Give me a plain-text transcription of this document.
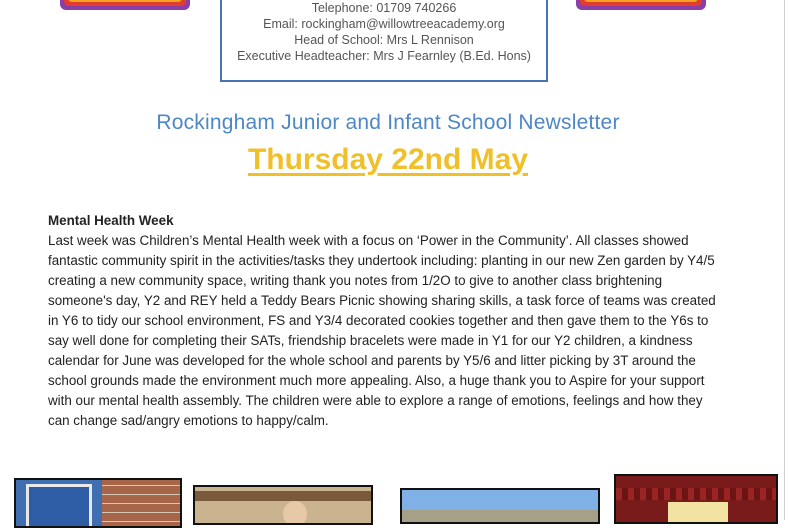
Telephone: 01709 740266
Email: rockingham@willowtreeacademy.org
Head of School: Mrs L Rennison
Executive Headteacher: Mrs J Fearnley (B.Ed. Hons)
Rockingham Junior and Infant School Newsletter
Thursday 22nd May
Mental Health Week

Last week was Children’s Mental Health week with a focus on ‘Power in the Community’. All classes showed fantastic community spirit in the activities/tasks they undertook including: planting in our new Zen garden by Y4/5 creating a new community space, writing thank you notes from 1/2O to give to another class brightening someone's day, Y2 and REY held a Teddy Bears Picnic showing sharing skills, a task force of teams was created in Y6 to tidy our school environment, FS and Y3/4 decorated cookies together and then gave them to the Y6s to say well done for completing their SATs, friendship bracelets were made in Y1 for our Y2 children, a kindness calendar for June was developed for the whole school and parents by Y5/6 and litter picking by 3T around the school grounds made the environment much more appealing. Also, a huge thank you to Aspire for your support with our mental health assembly. The children were able to explore a range of emotions, feelings and how they can change sad/angry emotions to happy/calm.
